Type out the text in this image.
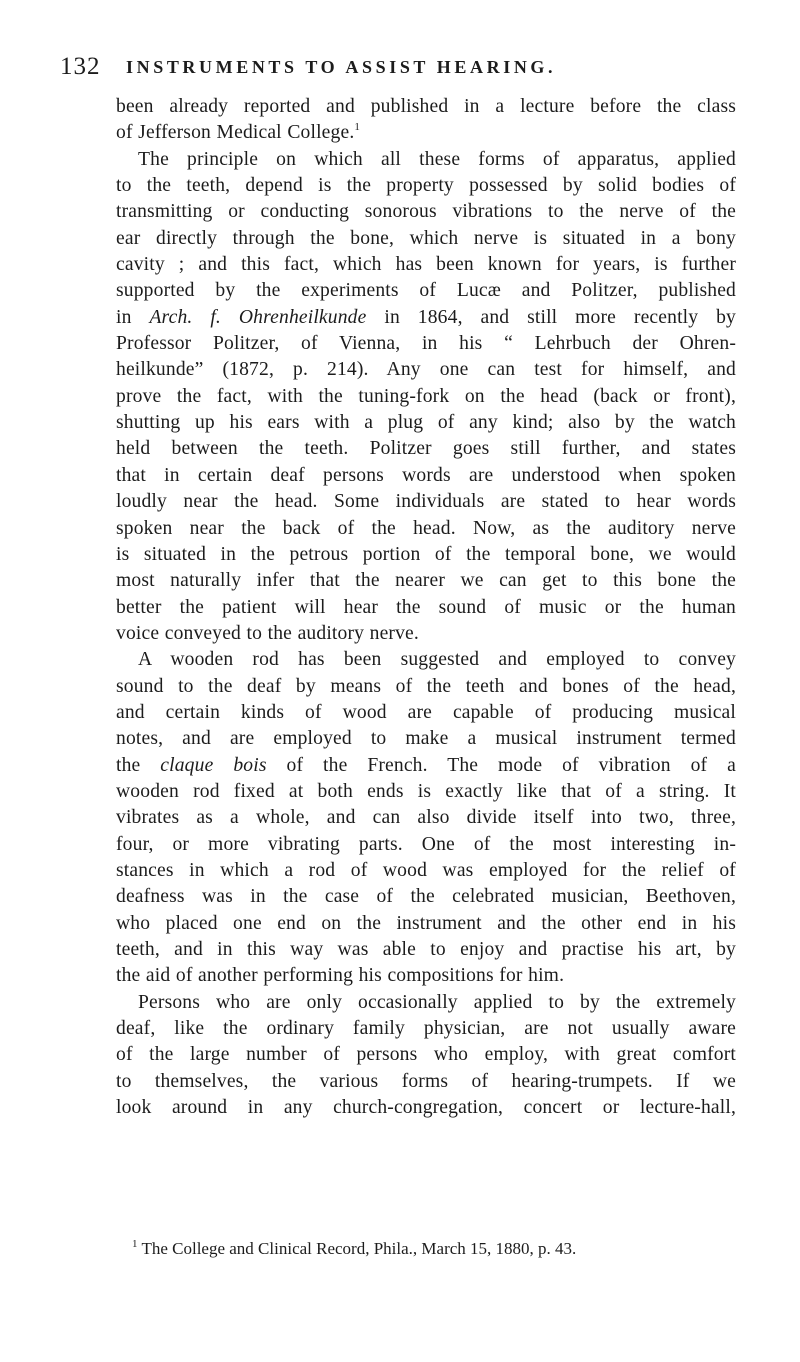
132 INSTRUMENTS TO ASSIST HEARING.
been already reported and published in a lecture before the class
of Jefferson Medical College.$^1$
The principle on which all these forms of apparatus, applied
to the teeth, depend is the property possessed by solid bodies of
transmitting or conducting sonorous vibrations to the nerve of the
ear directly through the bone, which nerve is situated in a bony
cavity ; and this fact, which has been known for years, is further
supported by the experiments of Lucæ and Politzer, published
in Arch. f. Ohrenheilkunde in 1864, and still more recently by
Professor Politzer, of Vienna, in his “ Lehrbuch der Ohren-
heilkunde” (1872, p. 214). Any one can test for himself, and
prove the fact, with the tuning-fork on the head (back or front),
shutting up his ears with a plug of any kind; also by the watch
held between the teeth. Politzer goes still further, and states
that in certain deaf persons words are understood when spoken
loudly near the head. Some individuals are stated to hear words
spoken near the back of the head. Now, as the auditory nerve
is situated in the petrous portion of the temporal bone, we would
most naturally infer that the nearer we can get to this bone the
better the patient will hear the sound of music or the human
voice conveyed to the auditory nerve.
A wooden rod has been suggested and employed to convey
sound to the deaf by means of the teeth and bones of the head,
and certain kinds of wood are capable of producing musical
notes, and are employed to make a musical instrument termed
the claque bois of the French. The mode of vibration of a
wooden rod fixed at both ends is exactly like that of a string. It
vibrates as a whole, and can also divide itself into two, three,
four, or more vibrating parts. One of the most interesting in-
stances in which a rod of wood was employed for the relief of
deafness was in the case of the celebrated musician, Beethoven,
who placed one end on the instrument and the other end in his
teeth, and in this way was able to enjoy and practise his art, by
the aid of another performing his compositions for him.
Persons who are only occasionally applied to by the extremely
deaf, like the ordinary family physician, are not usually aware
of the large number of persons who employ, with great comfort
to themselves, the various forms of hearing-trumpets. If we
look around in any church-congregation, concert or lecture-hall,
$^1$ The College and Clinical Record, Phila., March 15, 1880, p. 43.
